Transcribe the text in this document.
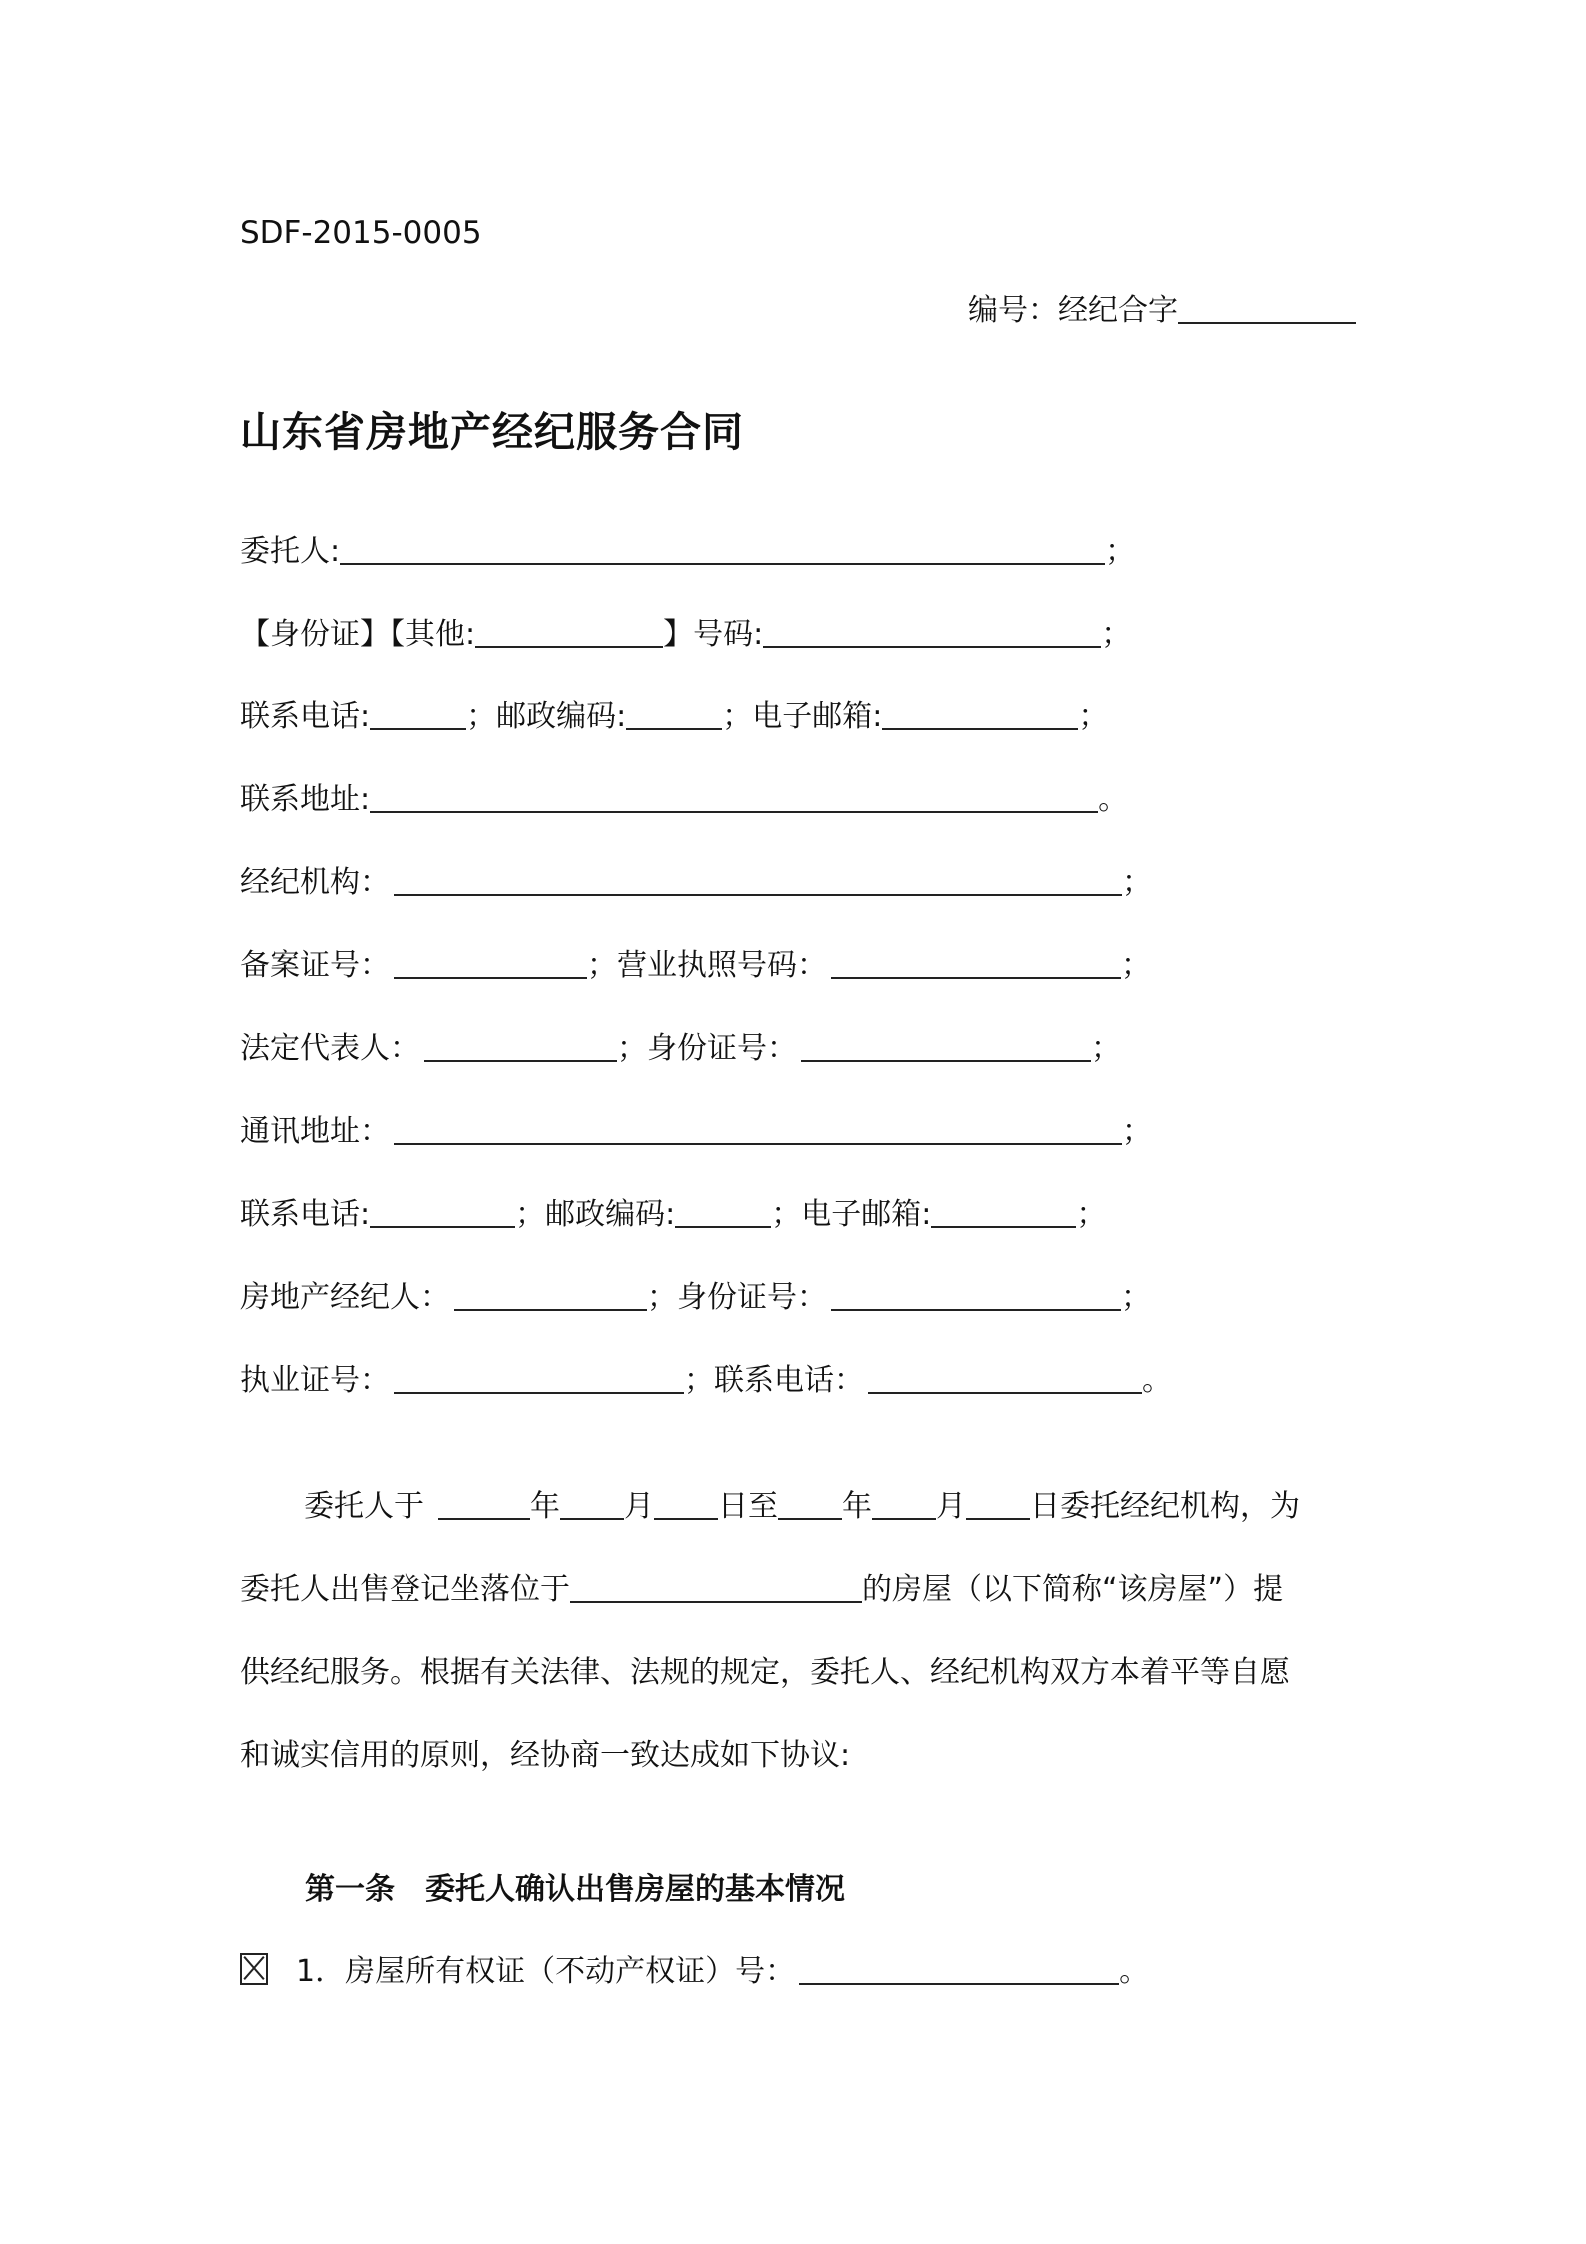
SDF-2015-0005
编号：经纪合字
山东省房地产经纪服务合同
委托人:	；
【身份证】【其他:	】号码:	；
联系电话:	；邮政编码:	；电子邮箱:	；
联系地址:	。
经纪机构：	；
备案证号：	；营业执照号码：	；
法定代表人：	；身份证号：	；
通讯地址：	；
联系电话:	；邮政编码:	；电子邮箱:	；
房地产经纪人：	；身份证号：	；
执业证号：	；联系电话：	。
委托人于	年 月 日至 年 月 日委托经纪机构，为
委托人出售登记坐落位于	的房屋（以下简称“该房屋”）提
供经纪服务。根据有关法律、法规的规定，委托人、经纪机构双方本着平等自愿
和诚实信用的原则，经协商一致达成如下协议:
第一条　委托人确认出售房屋的基本情况
1．房屋所有权证（不动产权证）号：	。
